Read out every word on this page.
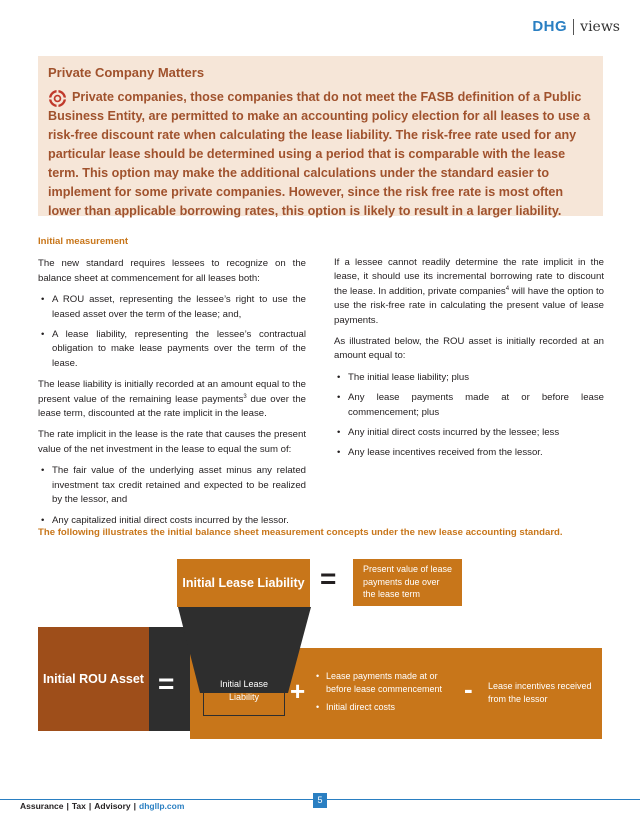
DHG views
Private Company Matters

Private companies, those companies that do not meet the FASB definition of a Public Business Entity, are permitted to make an accounting policy election for all leases to use a risk-free discount rate when calculating the lease liability. The risk-free rate used for any particular lease should be determined using a period that is comparable with the lease term. This option may make the additional calculations under the standard easier to implement for some private companies. However, since the risk free rate is most often lower than applicable borrowing rates, this option is likely to result in a larger liability.

Initial measurement

The new standard requires lessees to recognize on the balance sheet at commencement for all leases both:

• A ROU asset, representing the lessee’s right to use the leased asset over the term of the lease; and,
• A lease liability, representing the lessee’s contractual obligation to make lease payments over the term of the lease.

The lease liability is initially recorded at an amount equal to the present value of the remaining lease payments$^3$ due over the lease term, discounted at the rate implicit in the lease.

The rate implicit in the lease is the rate that causes the present value of the net investment in the lease to equal the sum of:

• The fair value of the underlying asset minus any related investment tax credit retained and expected to be realized by the lessor, and
• Any capitalized initial direct costs incurred by the lessor.

If a lessee cannot readily determine the rate implicit in the lease, it should use its incremental borrowing rate to discount the lease. In addition, private companies$^4$ will have the option to use the risk-free rate in calculating the present value of lease payments.

As illustrated below, the ROU asset is initially recorded at an amount equal to:

• The initial lease liability; plus
• Any lease payments made at or before lease commencement; plus
• Any initial direct costs incurred by the lessee; less
• Any lease incentives received from the lessor.
The following illustrates the initial balance sheet measurement concepts under the new lease accounting standard.
Initial Lease Liability =	Present value of lease payments due over the lease term
Initial ROU Asset =	Initial Lease Liability	+
•	Lease payments made at or before lease commencement
• Initial direct costs
- Lease incentives received from the lessor
5
Assurance | Tax | Advisory | dhgllp.com
